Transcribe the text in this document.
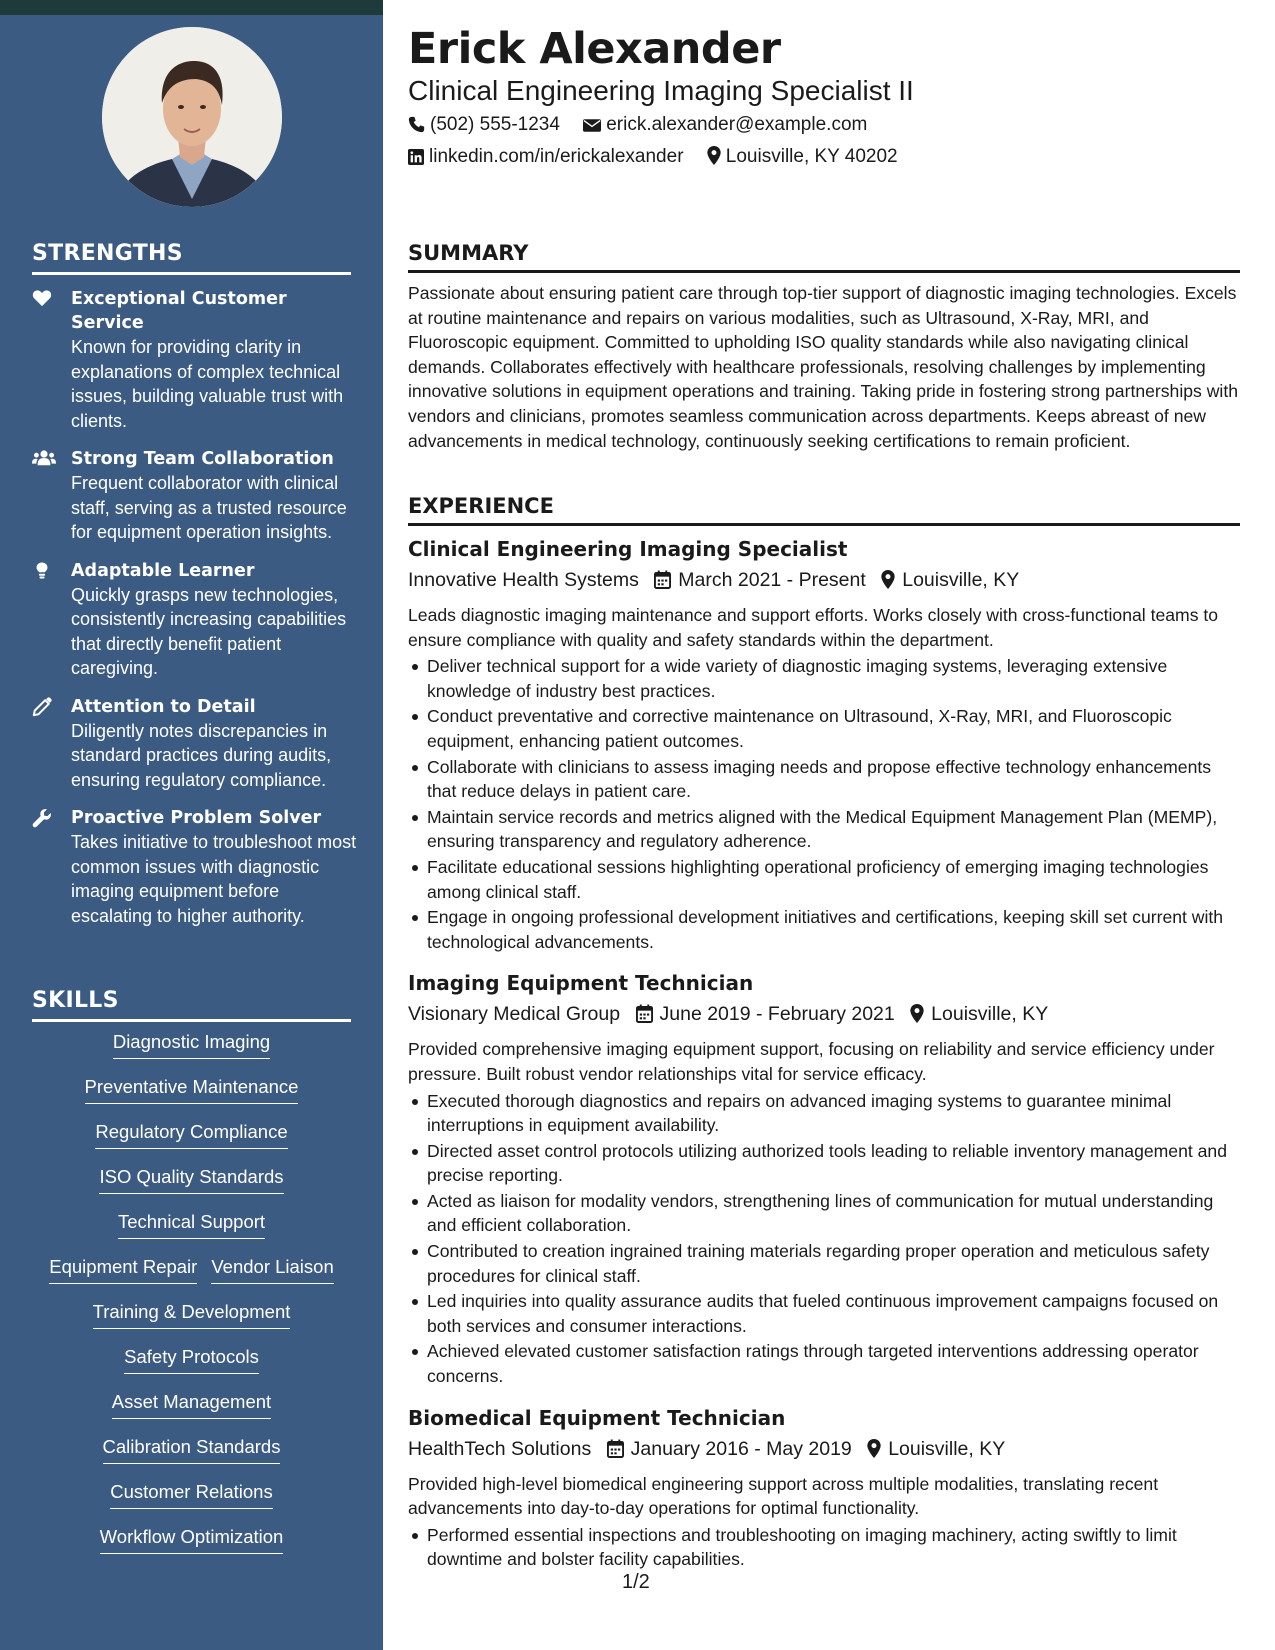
STRENGTHS
Exceptional Customer Service
Known for providing clarity in explanations of complex technical issues, building valuable trust with clients.
Strong Team Collaboration
Frequent collaborator with clinical staff, serving as a trusted resource for equipment operation insights.
Adaptable Learner
Quickly grasps new technologies, consistently increasing capabilities that directly benefit patient caregiving.
Attention to Detail
Diligently notes discrepancies in standard practices during audits, ensuring regulatory compliance.
Proactive Problem Solver
Takes initiative to troubleshoot most common issues with diagnostic imaging equipment before escalating to higher authority.
SKILLS
Diagnostic Imaging
Preventative Maintenance
Regulatory Compliance
ISO Quality Standards
Technical Support
Equipment Repair Vendor Liaison
Training & Development
Safety Protocols
Asset Management
Calibration Standards
Customer Relations
Workflow Optimization
Erick Alexander
Clinical Engineering Imaging Specialist II
(502) 555-1234 erick.alexander@example.com
linkedin.com/in/erickalexander Louisville, KY 40202
SUMMARY
Passionate about ensuring patient care through top-tier support of diagnostic imaging technologies. Excels at routine maintenance and repairs on various modalities, such as Ultrasound, X-Ray, MRI, and Fluoroscopic equipment. Committed to upholding ISO quality standards while also navigating clinical demands. Collaborates effectively with healthcare professionals, resolving challenges by implementing innovative solutions in equipment operations and training. Taking pride in fostering strong partnerships with vendors and clinicians, promotes seamless communication across departments. Keeps abreast of new advancements in medical technology, continuously seeking certifications to remain proficient.
EXPERIENCE
Clinical Engineering Imaging Specialist
Innovative Health Systems March 2021 - Present Louisville, KY
Leads diagnostic imaging maintenance and support efforts. Works closely with cross-functional teams to ensure compliance with quality and safety standards within the department.
Deliver technical support for a wide variety of diagnostic imaging systems, leveraging extensive knowledge of industry best practices.
Conduct preventative and corrective maintenance on Ultrasound, X-Ray, MRI, and Fluoroscopic equipment, enhancing patient outcomes.
Collaborate with clinicians to assess imaging needs and propose effective technology enhancements that reduce delays in patient care.
Maintain service records and metrics aligned with the Medical Equipment Management Plan (MEMP), ensuring transparency and regulatory adherence.
Facilitate educational sessions highlighting operational proficiency of emerging imaging technologies among clinical staff.
Engage in ongoing professional development initiatives and certifications, keeping skill set current with technological advancements.
Imaging Equipment Technician
Visionary Medical Group June 2019 - February 2021 Louisville, KY
Provided comprehensive imaging equipment support, focusing on reliability and service efficiency under pressure. Built robust vendor relationships vital for service efficacy.
Executed thorough diagnostics and repairs on advanced imaging systems to guarantee minimal interruptions in equipment availability.
Directed asset control protocols utilizing authorized tools leading to reliable inventory management and precise reporting.
Acted as liaison for modality vendors, strengthening lines of communication for mutual understanding and efficient collaboration.
Contributed to creation ingrained training materials regarding proper operation and meticulous safety procedures for clinical staff.
Led inquiries into quality assurance audits that fueled continuous improvement campaigns focused on both services and consumer interactions.
Achieved elevated customer satisfaction ratings through targeted interventions addressing operator concerns.
Biomedical Equipment Technician
HealthTech Solutions January 2016 - May 2019 Louisville, KY
Provided high-level biomedical engineering support across multiple modalities, translating recent advancements into day-to-day operations for optimal functionality.
Performed essential inspections and troubleshooting on imaging machinery, acting swiftly to limit downtime and bolster facility capabilities.
1/2
